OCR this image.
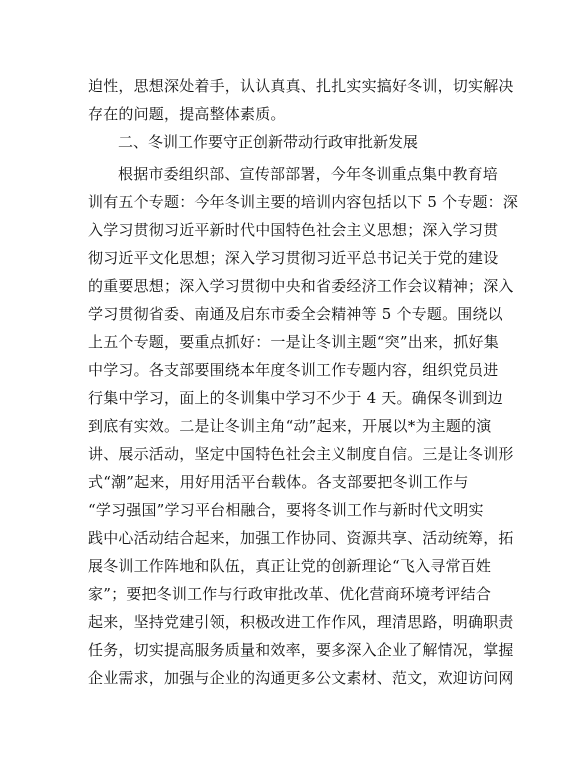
迫性，思想深处着手，认认真真、扎扎实实搞好冬训，切实解决
存在的问题，提高整体素质。
二、冬训工作要守正创新带动行政审批新发展
根据市委组织部、宣传部部署，今年冬训重点集中教育培
训有五个专题：今年冬训主要的培训内容包括以下 5 个专题：深
入学习贯彻习近平新时代中国特色社会主义思想；深入学习贯
彻习近平文化思想；深入学习贯彻习近平总书记关于党的建设
的重要思想；深入学习贯彻中央和省委经济工作会议精神；深入
学习贯彻省委、南通及启东市委全会精神等 5 个专题。围绕以
上五个专题，要重点抓好：一是让冬训主题“突”出来，抓好集
中学习。各支部要围绕本年度冬训工作专题内容，组织党员进
行集中学习，面上的冬训集中学习不少于 4 天。确保冬训到边
到底有实效。二是让冬训主角“动”起来，开展以*为主题的演
讲、展示活动，坚定中国特色社会主义制度自信。三是让冬训形
式“潮”起来，用好用活平台载体。各支部要把冬训工作与
“学习强国”学习平台相融合，要将冬训工作与新时代文明实
践中心活动结合起来，加强工作协同、资源共享、活动统筹，拓
展冬训工作阵地和队伍，真正让党的创新理论“飞入寻常百姓
家”；要把冬训工作与行政审批改革、优化营商环境考评结合
起来，坚持党建引领，积极改进工作作风，理清思路，明确职责
任务，切实提高服务质量和效率，要多深入企业了解情况，掌握
企业需求，加强与企业的沟通更多公文素材、范文，欢迎访问网
